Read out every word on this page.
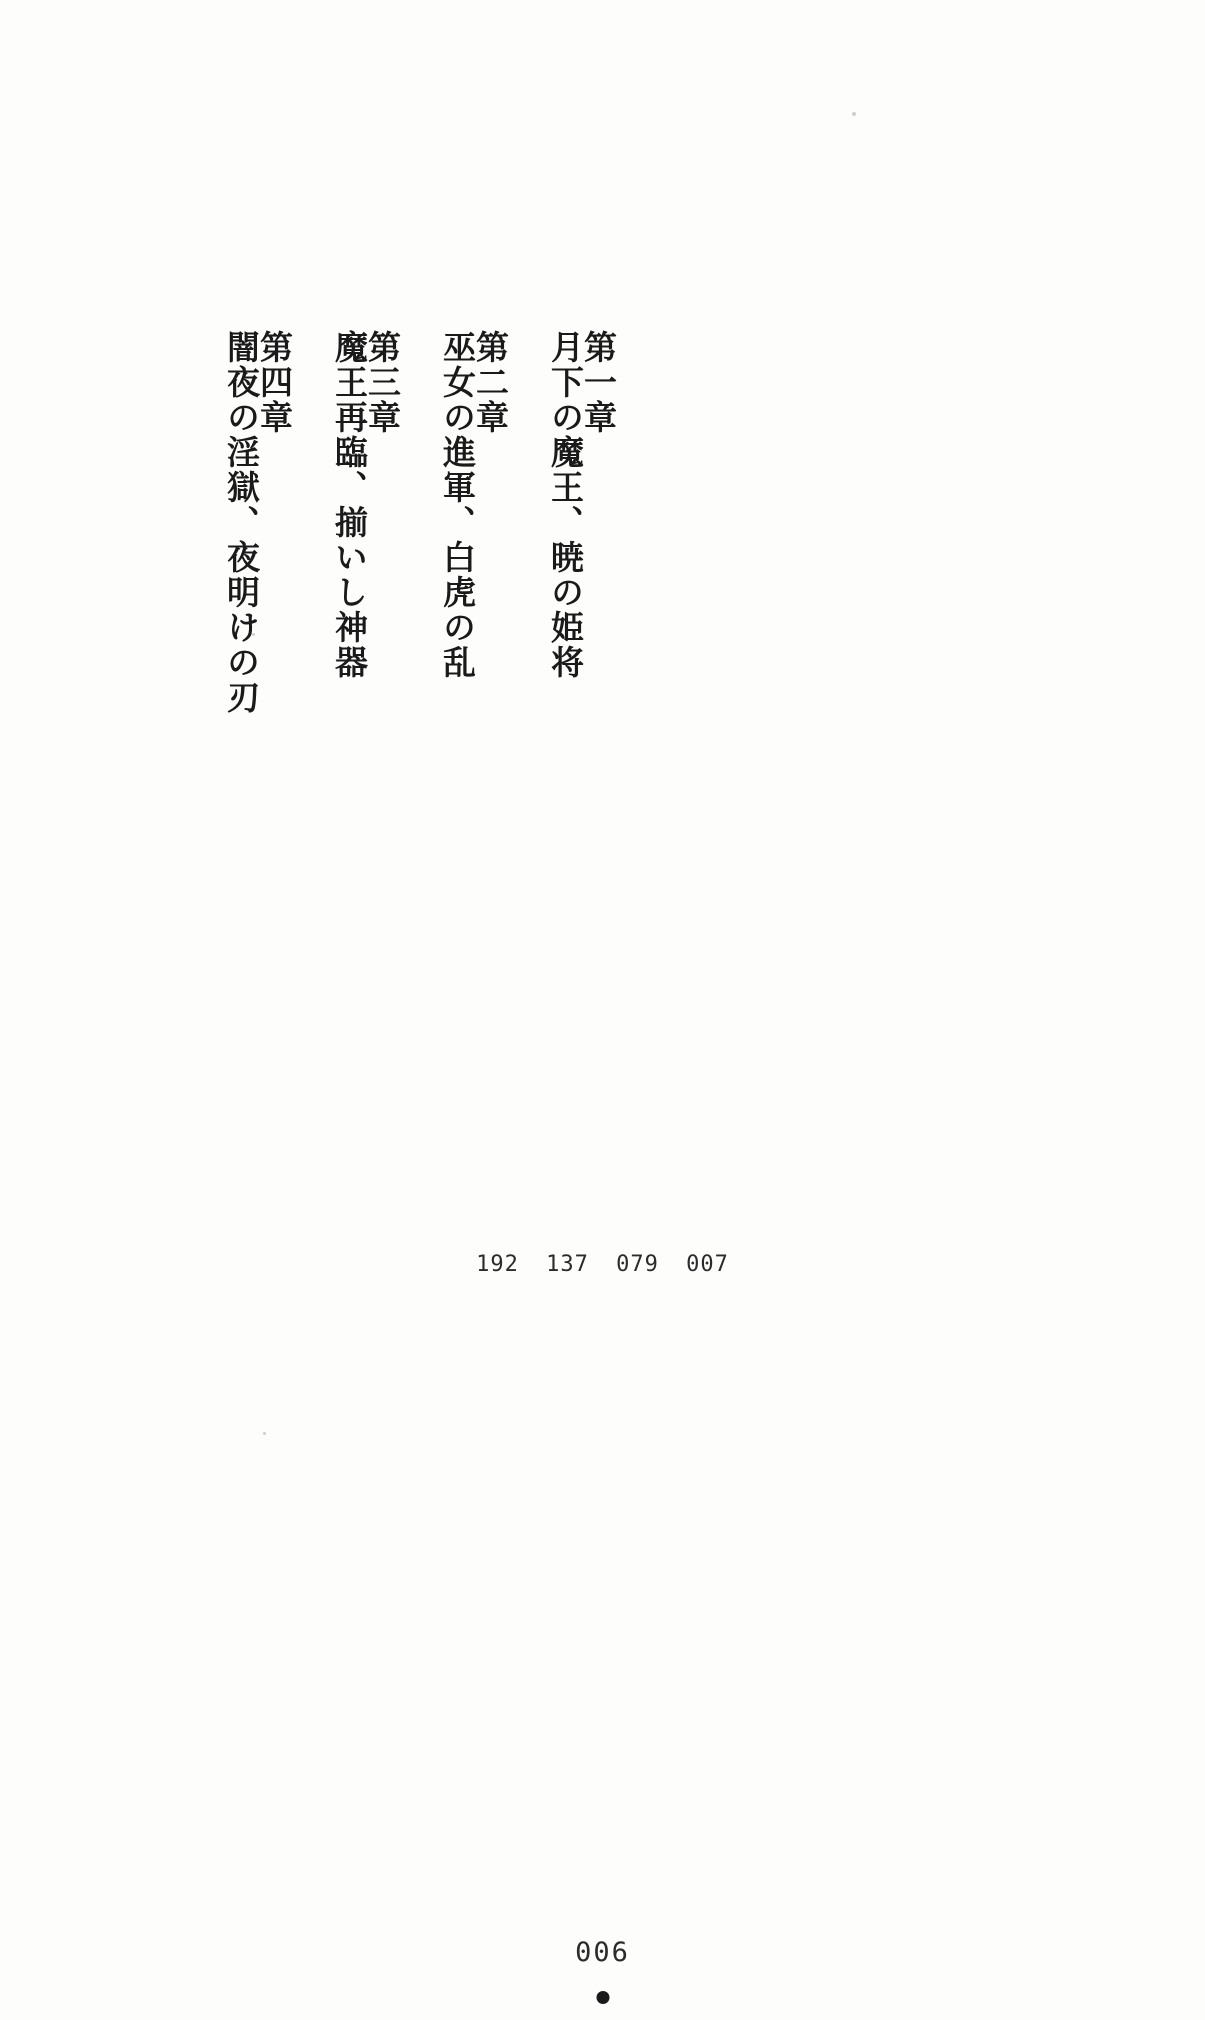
第一章  月下の魔王、暁の姫将
第二章  巫女の進軍、白虎の乱
第三章  魔王再臨、揃いし神器
第四章  闇夜の淫獄、夜明けの刃
192	137	079	007
006
